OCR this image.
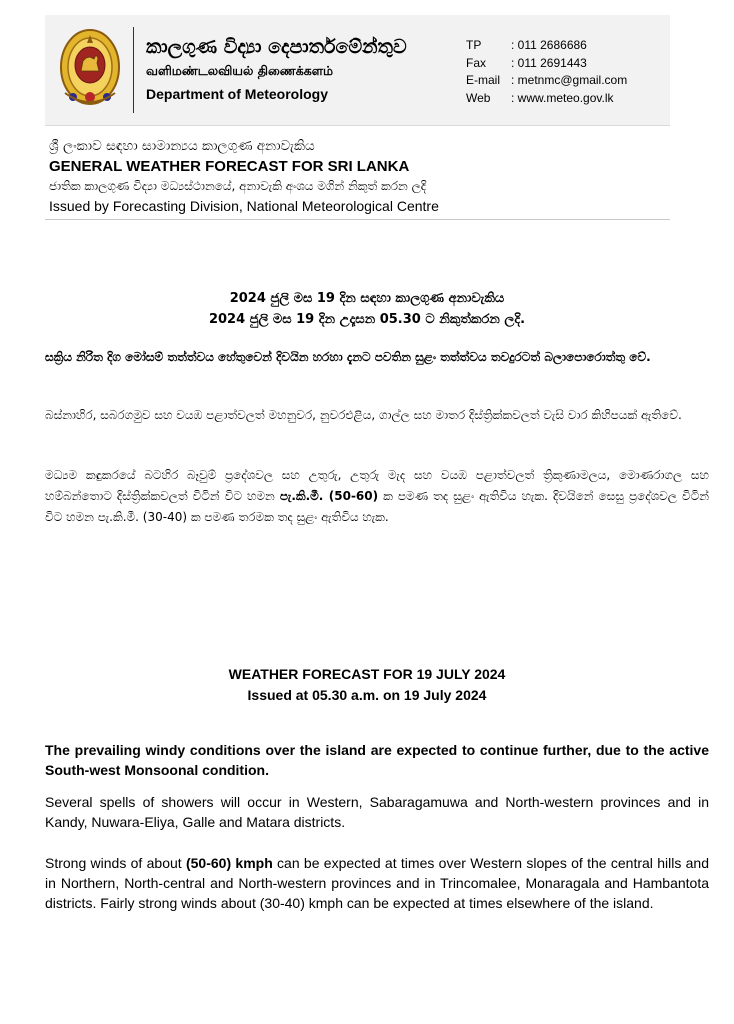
කාලගුණ විද්‍යා දෙපාර්තමේන්තුව
வளிமண்டலவியல் திணைக்களம்
Department of Meteorology
TP	: 011 2686686
Fax	: 011 2691443
E-mail : metnmc@gmail.com
Web	: www.meteo.gov.lk
ශ්‍රී ලංකාව සඳහා සාමාන්‍යය කාලගුණ අනාවැකිය
GENERAL WEATHER FORECAST FOR SRI LANKA
ජාතික කාලගුණ විද්‍යා මධ්‍යස්ථානයේ, අනාවැකි අංශය මගින් නිකුත් කරන ලදි
Issued by Forecasting Division, National Meteorological Centre
2024 ජුලි මස 19 දින සඳහා කාලගුණ අනාවැකිය
2024 ජුලි මස 19 දින උදෑසන 05.30 ට නිකුත්කරන ලදි.

සක්‍රිය නිරිත දිග මෝසම් තත්ත්වය හේතුවෙන් දිවයින හරහා දැනට පවතින සුළං තත්ත්වය තවදුරටත් බලාපොරොත්තු වේ.

බස්නාහිර, සබරගමුව සහ වයඹ පළාත්වලත් මහනුවර, නුවරඑළිය, ගාල්ල සහ මාතර දිස්ත්‍රික්කවලත් වැසි වාර කිහිපයක් ඇතිවේ.

මධ්‍යම කඳුකරයේ බටහිර බෑවුම් ප්‍රදේශවල සහ උතුරු, උතුරු මැද සහ වයඹ පළාත්වලත් ත්‍රිකුණාමලය, මොණරාගල සහ හම්බන්තොට දිස්ත්‍රික්කවලත් විටින් විට හමන පැ.කි.මී. (50-60) ක පමණ තද සුළං ඇතිවිය හැක. දිවයිනේ සෙසු ප්‍රදේශවල විටින් විට හමන පැ.කි.මී. (30-40) ක පමණ තරමක තද සුළං ඇතිවිය හැක.

WEATHER FORECAST FOR 19 JULY 2024
Issued at 05.30 a.m. on 19 July 2024

The prevailing windy conditions over the island are expected to continue further, due to the active South-west Monsoonal condition.

Several spells of showers will occur in Western, Sabaragamuwa and North-western provinces and in Kandy, Nuwara-Eliya, Galle and Matara districts.

Strong winds of about (50-60) kmph can be expected at times over Western slopes of the central hills and in Northern, North-central and North-western provinces and in Trincomalee, Monaragala and Hambantota districts. Fairly strong winds about (30-40) kmph can be expected at times elsewhere of the island.
